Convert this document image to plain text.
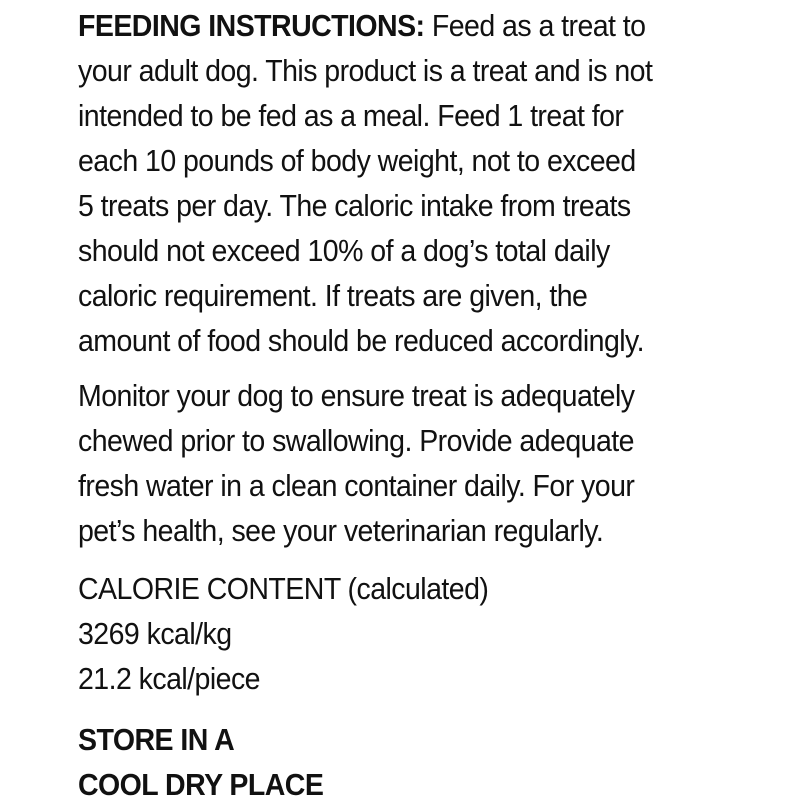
FEEDING INSTRUCTIONS: Feed as a treat to
your adult dog. This product is a treat and is not
intended to be fed as a meal. Feed 1 treat for
each 10 pounds of body weight, not to exceed
5 treats per day. The caloric intake from treats
should not exceed 10% of a dog’s total daily
caloric requirement. If treats are given, the
amount of food should be reduced accordingly.
Monitor your dog to ensure treat is adequately
chewed prior to swallowing. Provide adequate
fresh water in a clean container daily. For your
pet’s health, see your veterinarian regularly.
CALORIE CONTENT (calculated)
3269 kcal/kg
21.2 kcal/piece
STORE IN A
COOL DRY PLACE
